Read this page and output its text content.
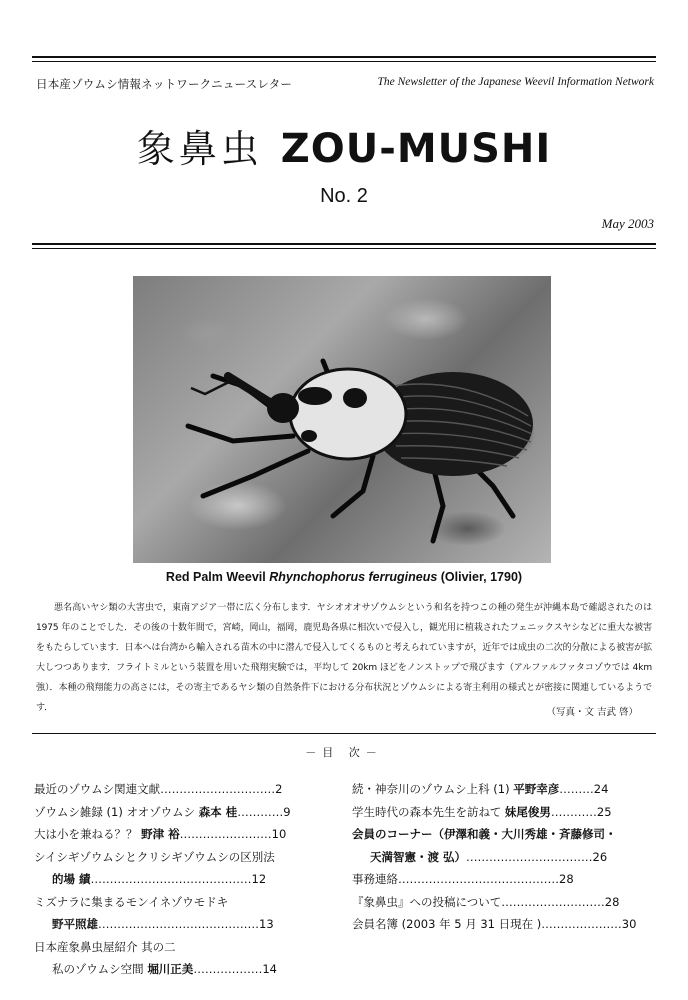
日本産ゾウムシ情報ネットワークニュースレター	The Newsletter of the Japanese Weevil Information Network
象鼻虫 ZOU-MUSHI
No. 2
May 2003
Red Palm Weevil Rhynchophorus ferrugineus (Olivier, 1790)
悪名高いヤシ類の大害虫で，東南アジア一帯に広く分布します．ヤシオオオサゾウムシという和名を持つこの種の発生が沖縄本島で確認されたのは 1975 年のことでした．その後の十数年間で，宮崎，岡山，福岡，鹿児島各県に相次いで侵入し，観光用に植栽されたフェニックスヤシなどに重大な被害をもたらしています．日本へは台湾から輸入される苗木の中に潜んで侵入してくるものと考えられていますが，近年では成虫の二次的分散による被害が拡大しつつあります．フライトミルという装置を用いた飛翔実験では，平均して 20km ほどをノンストップで飛びます（アルファルファタコゾウでは 4km 強）．本種の飛翔能力の高さには，その寄主であるヤシ類の自然条件下における分布状況とゾウムシによる寄主利用の様式とが密接に関連しているようです．	（写真・文 吉武 啓）
－目 次－
最近のゾウムシ関連文献…………………………2
ゾウムシ雑録 (1) オオゾウムシ 森本 桂…………9
大は小を兼ねる？？ 野津 裕……………………10
シイシギゾウムシとクリシギゾウムシの区別法
的場 績……………………………………12
ミズナラに集まるモンイネゾウモドキ
野平照雄……………………………………13
日本産象鼻虫屋紹介 其の二
私のゾウムシ空間 堀川正美………………14
続・神奈川のゾウムシ上科 (1) 平野幸彦………24
学生時代の森本先生を訪ねて 妹尾俊男…………25
会員のコーナー（伊澤和義・大川秀雄・斉藤修司・
天満智憲・渡 弘）……………………………26
事務連絡……………………………………28
『象鼻虫』への投稿について………………………28
会員名簿 (2003 年 5 月 31 日現在 )…………………30
